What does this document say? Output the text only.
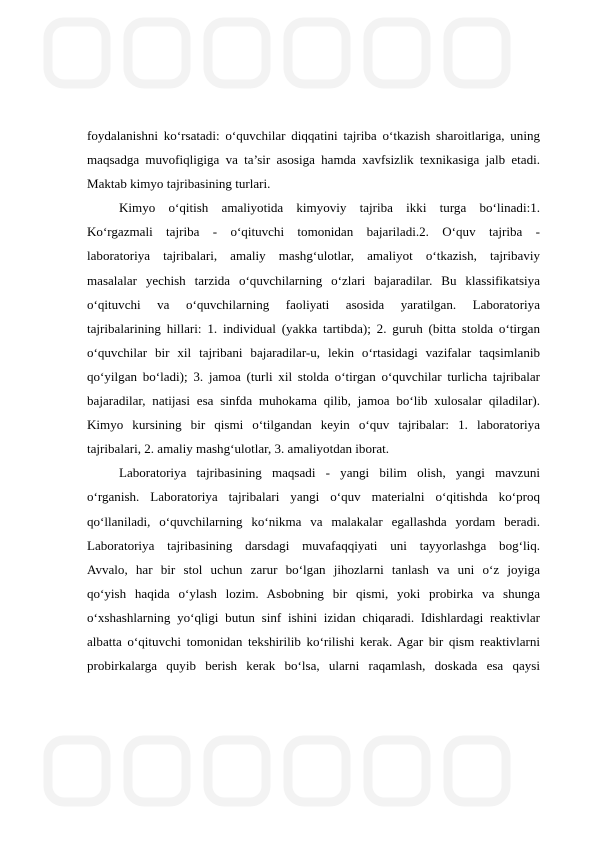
foydalanishni ko‘rsatadi: o‘quvchilar diqqatini tajriba o‘tkazish sharoitlariga, uning
maqsadga muvofiqligiga va ta’sir asosiga hamda xavfsizlik texnikasiga jalb etadi.
Maktab kimyo tajribasining turlari.

Kimyo o‘qitish amaliyotida kimyoviy tajriba ikki turga bo‘linadi:1.
Ko‘rgazmali tajriba - o‘qituvchi tomonidan bajariladi.2. O‘quv tajriba -
laboratoriya tajribalari, amaliy mashg‘ulotlar, amaliyot o‘tkazish, tajribaviy
masalalar yechish tarzida o‘quvchilarning o‘zlari bajaradilar. Bu klassifikatsiya
o‘qituvchi va o‘quvchilarning faoliyati asosida yaratilgan. Laboratoriya
tajribalarining hillari: 1. individual (yakka tartibda); 2. guruh (bitta stolda o‘tirgan
o‘quvchilar bir xil tajribani bajaradilar-u, lekin o‘rtasidagi vazifalar taqsimlanib
qo‘yilgan bo‘ladi); 3. jamoa (turli xil stolda o‘tirgan o‘quvchilar turlicha tajribalar
bajaradilar, natijasi esa sinfda muhokama qilib, jamoa bo‘lib xulosalar qiladilar).
Kimyo kursining bir qismi o‘tilgandan keyin o‘quv tajribalar: 1. laboratoriya
tajribalari, 2. amaliy mashg‘ulotlar, 3. amaliyotdan iborat.

Laboratoriya tajribasining maqsadi - yangi bilim olish, yangi mavzuni
o‘rganish. Laboratoriya tajribalari yangi o‘quv materialni o‘qitishda ko‘proq
qo‘llaniladi, o‘quvchilarning ko‘nikma va malakalar egallashda yordam beradi.
Laboratoriya tajribasining darsdagi muvafaqqiyati uni tayyorlashga bog‘liq.
Avvalo, har bir stol uchun zarur bo‘lgan jihozlarni tanlash va uni o‘z joyiga
qo‘yish haqida o‘ylash lozim. Asbobning bir qismi, yoki probirka va shunga
o‘xshashlarning yo‘qligi butun sinf ishini izidan chiqaradi. Idishlardagi reaktivlar
albatta o‘qituvchi tomonidan tekshirilib ko‘rilishi kerak. Agar bir qism reaktivlarni
probirkalarga quyib berish kerak bo‘lsa, ularni raqamlash, doskada esa qaysi
